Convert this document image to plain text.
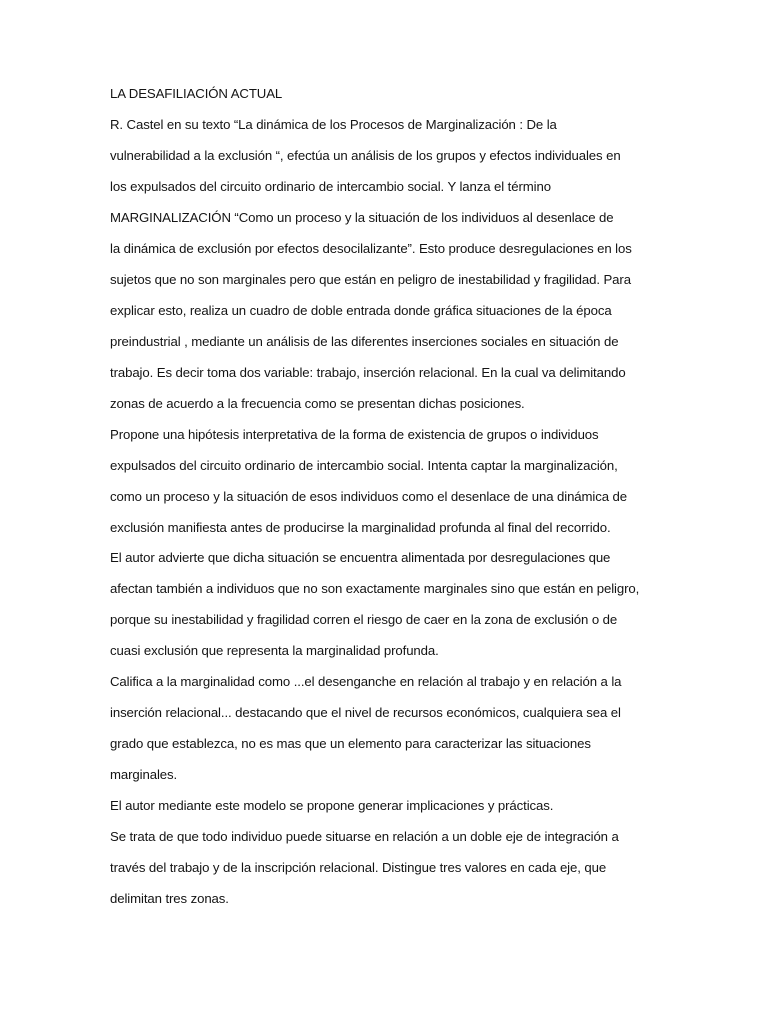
LA DESAFILIACIÓN ACTUAL
R. Castel en su texto “La dinámica de los Procesos de Marginalización : De la
vulnerabilidad a la exclusión “, efectúa un análisis de los grupos y efectos individuales en
los expulsados del circuito ordinario de intercambio social. Y lanza el término
MARGINALIZACIÓN “Como un proceso y la situación de los individuos al desenlace de
la dinámica de exclusión por efectos desocilalizante”. Esto produce desregulaciones en los
sujetos que no son marginales pero que están en peligro de inestabilidad y fragilidad. Para
explicar esto, realiza un cuadro de doble entrada donde gráfica situaciones de la época
preindustrial , mediante un análisis de las diferentes inserciones sociales en situación de
trabajo. Es decir toma dos variable: trabajo, inserción relacional. En la cual va delimitando
zonas de acuerdo a la frecuencia como se presentan dichas posiciones.
Propone una hipótesis interpretativa de la forma de existencia de grupos o individuos
expulsados del circuito ordinario de intercambio social. Intenta captar la marginalización,
como un proceso y la situación de esos individuos como el desenlace de una dinámica de
exclusión manifiesta antes de producirse la marginalidad profunda al final del recorrido.
El autor advierte que dicha situación se encuentra alimentada por desregulaciones que
afectan también a individuos que no son exactamente marginales sino que están en peligro,
porque su inestabilidad y fragilidad corren el riesgo de caer en la zona de exclusión o de
cuasi exclusión que representa la marginalidad profunda.
Califica a la marginalidad como ...el desenganche en relación al trabajo y en relación a la
inserción relacional... destacando que el nivel de recursos económicos, cualquiera sea el
grado que establezca, no es mas que un elemento para caracterizar las situaciones
marginales.
El autor mediante este modelo se propone generar implicaciones y prácticas.
Se trata de que todo individuo puede situarse en relación a un doble eje de integración a
través del trabajo y de la inscripción relacional. Distingue tres valores en cada eje, que
delimitan tres zonas.
